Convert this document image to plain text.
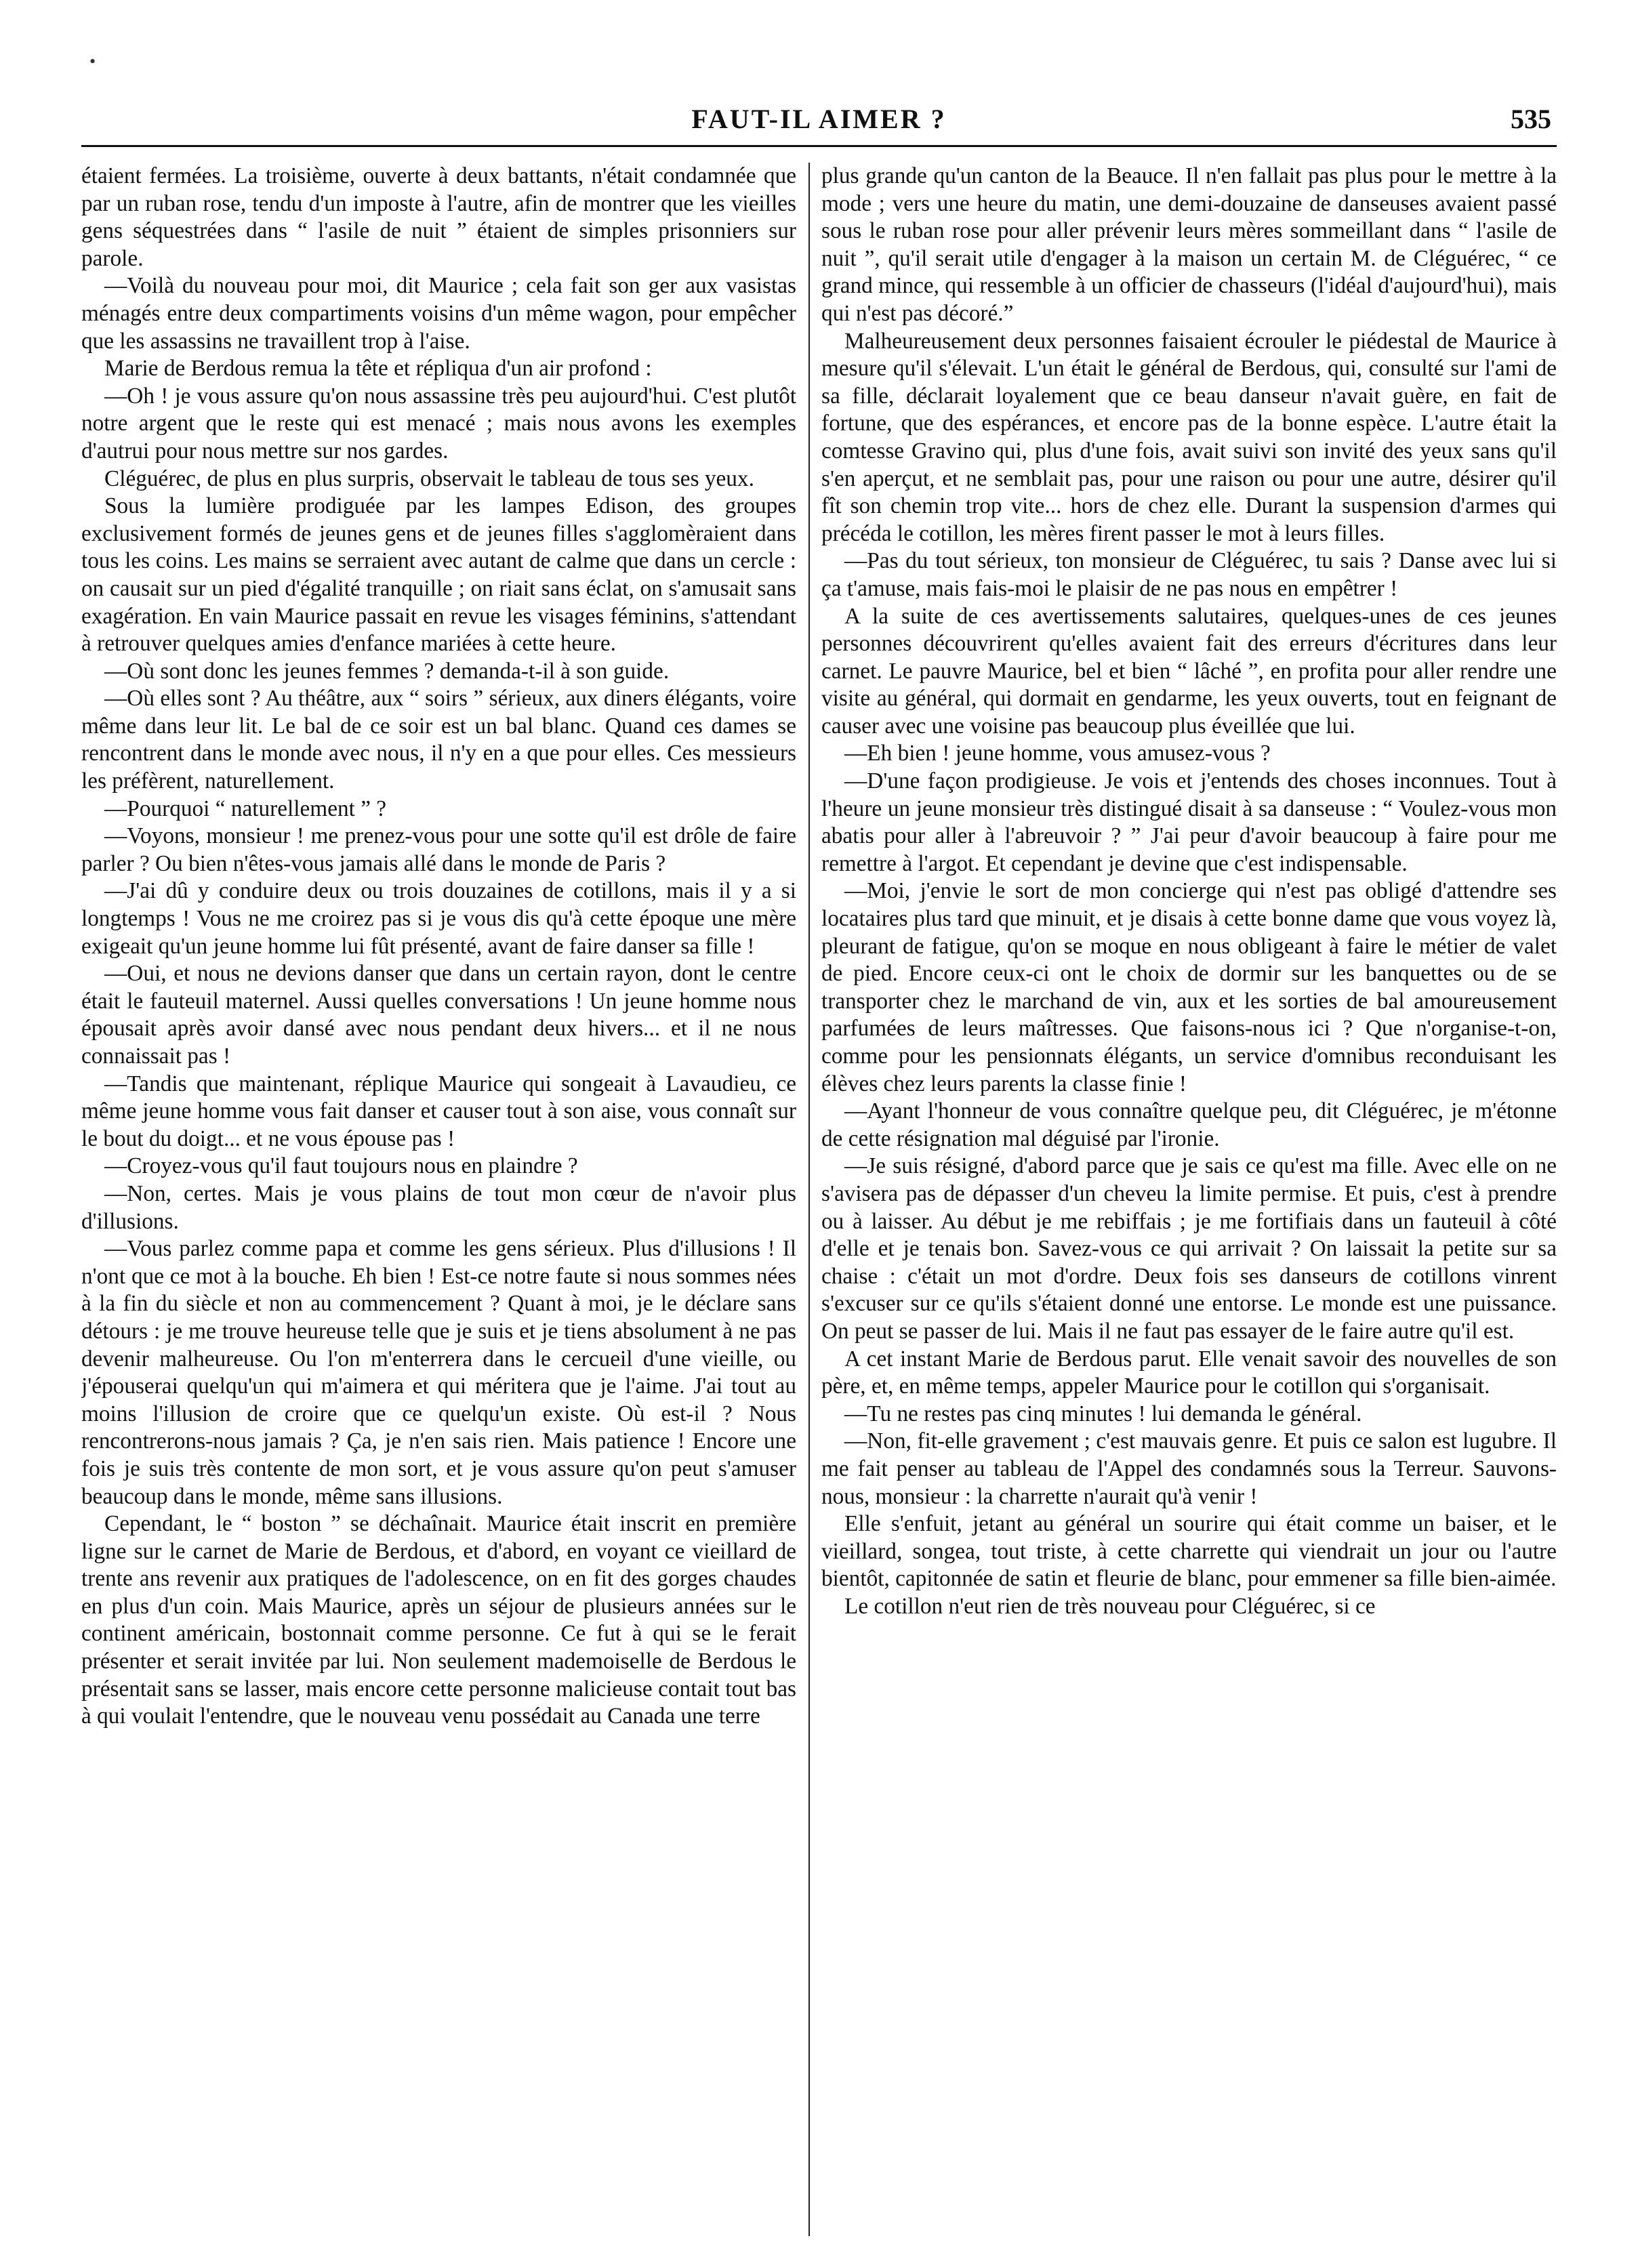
•
FAUT-IL AIMER ?	535

étaient fermées. La troisième, ouverte à deux battants, n'était condamnée que par un ruban rose, tendu d'un imposte à l'autre, afin de montrer que les vieilles gens séquestrées dans “ l'asile de nuit ” étaient de simples prisonniers sur parole.

—Voilà du nouveau pour moi, dit Maurice ; cela fait son ger aux vasistas ménagés entre deux compartiments voisins d'un même wagon, pour empêcher que les assassins ne travaillent trop à l'aise.

Marie de Berdous remua la tête et répliqua d'un air profond :

—Oh ! je vous assure qu'on nous assassine très peu aujourd'hui. C'est plutôt notre argent que le reste qui est menacé ; mais nous avons les exemples d'autrui pour nous mettre sur nos gardes.

Cléguérec, de plus en plus surpris, observait le tableau de tous ses yeux.

Sous la lumière prodiguée par les lampes Edison, des groupes exclusivement formés de jeunes gens et de jeunes filles s'agglomèraient dans tous les coins. Les mains se serraient avec autant de calme que dans un cercle : on causait sur un pied d'égalité tranquille ; on riait sans éclat, on s'amusait sans exagération. En vain Maurice passait en revue les visages féminins, s'attendant à retrouver quelques amies d'enfance mariées à cette heure.

—Où sont donc les jeunes femmes ? demanda-t-il à son guide.

—Où elles sont ? Au théâtre, aux “ soirs ” sérieux, aux diners élégants, voire même dans leur lit. Le bal de ce soir est un bal blanc. Quand ces dames se rencontrent dans le monde avec nous, il n'y en a que pour elles. Ces messieurs les préfèrent, naturellement.

—Pourquoi “ naturellement ” ?

—Voyons, monsieur ! me prenez-vous pour une sotte qu'il est drôle de faire parler ? Ou bien n'êtes-vous jamais allé dans le monde de Paris ?

—J'ai dû y conduire deux ou trois douzaines de cotillons, mais il y a si longtemps ! Vous ne me croirez pas si je vous dis qu'à cette époque une mère exigeait qu'un jeune homme lui fût présenté, avant de faire danser sa fille !

—Oui, et nous ne devions danser que dans un certain rayon, dont le centre était le fauteuil maternel. Aussi quelles conversations ! Un jeune homme nous épousait après avoir dansé avec nous pendant deux hivers... et il ne nous connaissait pas !

—Tandis que maintenant, réplique Maurice qui songeait à Lavaudieu, ce même jeune homme vous fait danser et causer tout à son aise, vous connaît sur le bout du doigt... et ne vous épouse pas !

—Croyez-vous qu'il faut toujours nous en plaindre ?

—Non, certes. Mais je vous plains de tout mon cœur de n'avoir plus d'illusions.

—Vous parlez comme papa et comme les gens sérieux. Plus d'illusions ! Il n'ont que ce mot à la bouche. Eh bien ! Est-ce notre faute si nous sommes nées à la fin du siècle et non au commencement ? Quant à moi, je le déclare sans détours : je me trouve heureuse telle que je suis et je tiens absolument à ne pas devenir malheureuse. Ou l'on m'enterrera dans le cercueil d'une vieille, ou j'épouserai quelqu'un qui m'aimera et qui méritera que je l'aime. J'ai tout au moins l'illusion de croire que ce quelqu'un existe. Où est-il ? Nous rencontrerons-nous jamais ? Ça, je n'en sais rien. Mais patience ! Encore une fois je suis très contente de mon sort, et je vous assure qu'on peut s'amuser beaucoup dans le monde, même sans illusions.

Cependant, le “ boston ” se déchaînait. Maurice était inscrit en première ligne sur le carnet de Marie de Berdous, et d'abord, en voyant ce vieillard de trente ans revenir aux pratiques de l'adolescence, on en fit des gorges chaudes en plus d'un coin. Mais Maurice, après un séjour de plusieurs années sur le continent américain, bostonnait comme personne. Ce fut à qui se le ferait présenter et serait invitée par lui. Non seulement mademoiselle de Berdous le présentait sans se lasser, mais encore cette personne malicieuse contait tout bas à qui voulait l'entendre, que le nouveau venu possédait au Canada une terre

plus grande qu'un canton de la Beauce. Il n'en fallait pas plus pour le mettre à la mode ; vers une heure du matin, une demi-douzaine de danseuses avaient passé sous le ruban rose pour aller prévenir leurs mères sommeillant dans “ l'asile de nuit ”, qu'il serait utile d'engager à la maison un certain M. de Cléguérec, “ ce grand mince, qui ressemble à un officier de chasseurs (l'idéal d'aujourd'hui), mais qui n'est pas décoré.”

Malheureusement deux personnes faisaient écrouler le piédestal de Maurice à mesure qu'il s'élevait. L'un était le général de Berdous, qui, consulté sur l'ami de sa fille, déclarait loyalement que ce beau danseur n'avait guère, en fait de fortune, que des espérances, et encore pas de la bonne espèce. L'autre était la comtesse Gravino qui, plus d'une fois, avait suivi son invité des yeux sans qu'il s'en aperçut, et ne semblait pas, pour une raison ou pour une autre, désirer qu'il fît son chemin trop vite... hors de chez elle. Durant la suspension d'armes qui précéda le cotillon, les mères firent passer le mot à leurs filles.

—Pas du tout sérieux, ton monsieur de Cléguérec, tu sais ? Danse avec lui si ça t'amuse, mais fais-moi le plaisir de ne pas nous en empêtrer !

A la suite de ces avertissements salutaires, quelques-unes de ces jeunes personnes découvrirent qu'elles avaient fait des erreurs d'écritures dans leur carnet. Le pauvre Maurice, bel et bien “ lâché ”, en profita pour aller rendre une visite au général, qui dormait en gendarme, les yeux ouverts, tout en feignant de causer avec une voisine pas beaucoup plus éveillée que lui.

—Eh bien ! jeune homme, vous amusez-vous ?

—D'une façon prodigieuse. Je vois et j'entends des choses inconnues. Tout à l'heure un jeune monsieur très distingué disait à sa danseuse : “ Voulez-vous mon abatis pour aller à l'abreuvoir ? ” J'ai peur d'avoir beaucoup à faire pour me remettre à l'argot. Et cependant je devine que c'est indispensable.

—Moi, j'envie le sort de mon concierge qui n'est pas obligé d'attendre ses locataires plus tard que minuit, et je disais à cette bonne dame que vous voyez là, pleurant de fatigue, qu'on se moque en nous obligeant à faire le métier de valet de pied. Encore ceux-ci ont le choix de dormir sur les banquettes ou de se transporter chez le marchand de vin, aux et les sorties de bal amoureusement parfumées de leurs maîtresses. Que faisons-nous ici ? Que n'organise-t-on, comme pour les pensionnats élégants, un service d'omnibus reconduisant les élèves chez leurs parents la classe finie !

—Ayant l'honneur de vous connaître quelque peu, dit Cléguérec, je m'étonne de cette résignation mal déguisé par l'ironie.

—Je suis résigné, d'abord parce que je sais ce qu'est ma fille. Avec elle on ne s'avisera pas de dépasser d'un cheveu la limite permise. Et puis, c'est à prendre ou à laisser. Au début je me rebiffais ; je me fortifiais dans un fauteuil à côté d'elle et je tenais bon. Savez-vous ce qui arrivait ? On laissait la petite sur sa chaise : c'était un mot d'ordre. Deux fois ses danseurs de cotillons vinrent s'excuser sur ce qu'ils s'étaient donné une entorse. Le monde est une puissance. On peut se passer de lui. Mais il ne faut pas essayer de le faire autre qu'il est.

A cet instant Marie de Berdous parut. Elle venait savoir des nouvelles de son père, et, en même temps, appeler Maurice pour le cotillon qui s'organisait.

—Tu ne restes pas cinq minutes ! lui demanda le général.

—Non, fit-elle gravement ; c'est mauvais genre. Et puis ce salon est lugubre. Il me fait penser au tableau de l'Appel des condamnés sous la Terreur. Sauvons-nous, monsieur : la charrette n'aurait qu'à venir !

Elle s'enfuit, jetant au général un sourire qui était comme un baiser, et le vieillard, songea, tout triste, à cette charrette qui viendrait un jour ou l'autre bientôt, capitonnée de satin et fleurie de blanc, pour emmener sa fille bien-aimée.

Le cotillon n'eut rien de très nouveau pour Cléguérec, si ce
